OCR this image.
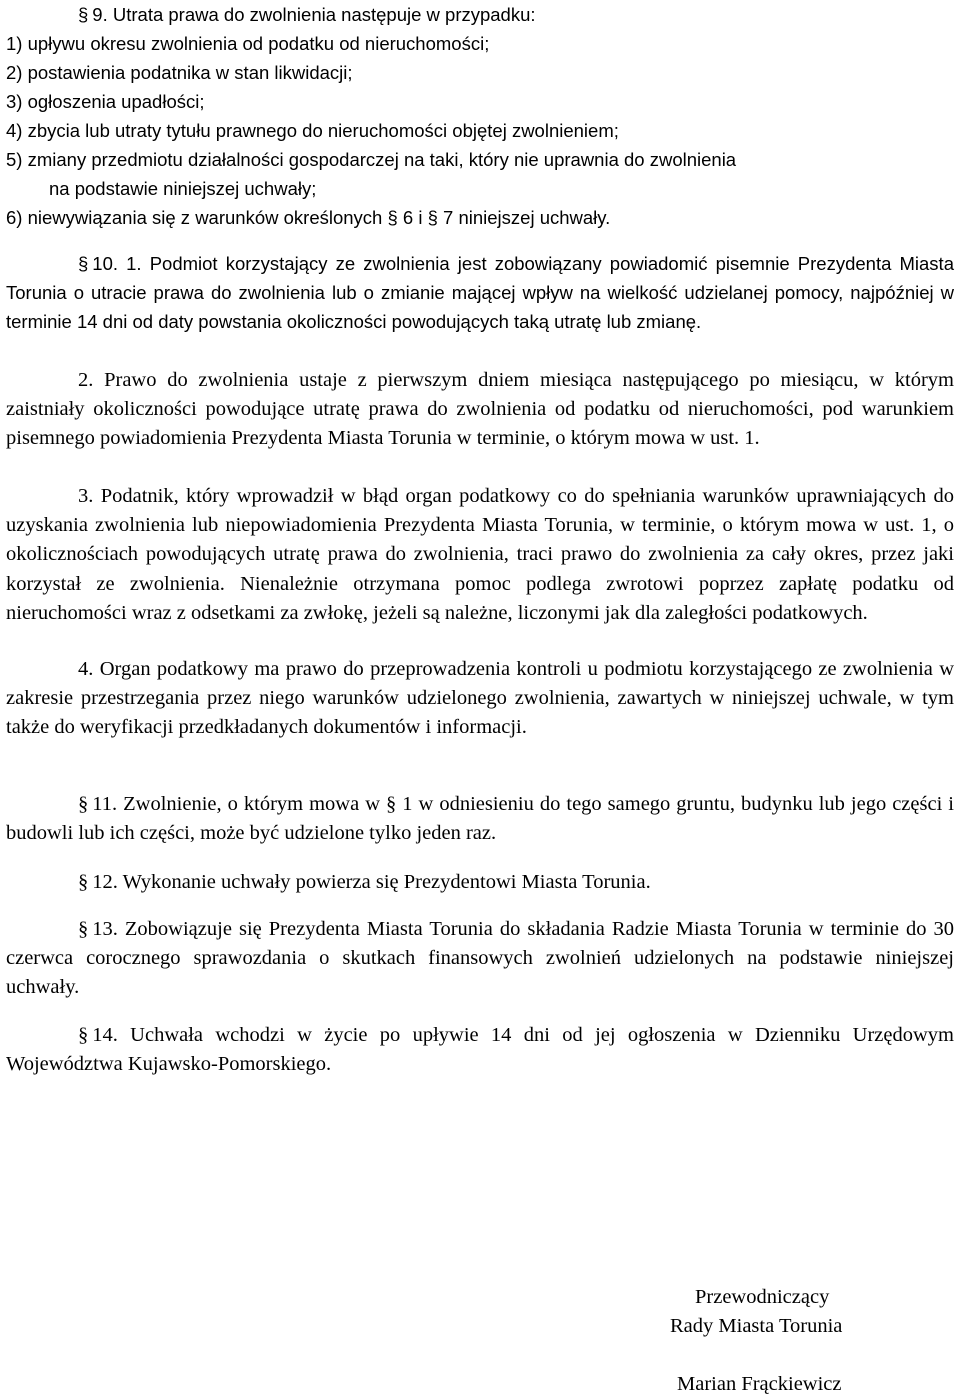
§ 9. Utrata prawa do zwolnienia następuje w przypadku:
1) upływu okresu zwolnienia od podatku od nieruchomości;
2) postawienia podatnika w stan likwidacji;
3) ogłoszenia upadłości;
4) zbycia lub utraty tytułu prawnego do nieruchomości objętej zwolnieniem;
5) zmiany przedmiotu działalności gospodarczej na taki, który nie uprawnia do zwolnienia
na podstawie niniejszej uchwały;
6) niewywiązania się z warunków określonych § 6 i § 7 niniejszej uchwały.
§ 10. 1. Podmiot korzystający ze zwolnienia jest zobowiązany powiadomić pisemnie Prezydenta Miasta Torunia o utracie prawa do zwolnienia lub o zmianie mającej wpływ na wielkość udzielanej pomocy, najpóźniej w terminie 14 dni od daty powstania okoliczności powodujących taką utratę lub zmianę.
2. Prawo do zwolnienia ustaje z pierwszym dniem miesiąca następującego po miesiącu, w którym zaistniały okoliczności powodujące utratę prawa do zwolnienia od podatku od nieruchomości, pod warunkiem pisemnego powiadomienia Prezydenta Miasta Torunia w terminie, o którym mowa w ust. 1.
3. Podatnik, który wprowadził w błąd organ podatkowy co do spełniania warunków uprawniających do uzyskania zwolnienia lub niepowiadomienia Prezydenta Miasta Torunia, w terminie, o którym mowa w ust. 1, o okolicznościach powodujących utratę prawa do zwolnienia, traci prawo do zwolnienia za cały okres, przez jaki korzystał ze zwolnienia. Nienależnie otrzymana pomoc podlega zwrotowi poprzez zapłatę podatku od nieruchomości wraz z odsetkami za zwłokę, jeżeli są należne, liczonymi jak dla zaległości podatkowych.
4. Organ podatkowy ma prawo do przeprowadzenia kontroli u podmiotu korzystającego ze zwolnienia w zakresie przestrzegania przez niego warunków udzielonego zwolnienia, zawartych w niniejszej uchwale, w tym także do weryfikacji przedkładanych dokumentów i informacji.
§ 11. Zwolnienie, o którym mowa w § 1 w odniesieniu do tego samego gruntu, budynku lub jego części i budowli lub ich części, może być udzielone tylko jeden raz.
§ 12. Wykonanie uchwały powierza się Prezydentowi Miasta Torunia.
§ 13. Zobowiązuje się Prezydenta Miasta Torunia do składania Radzie Miasta Torunia w terminie do 30 czerwca corocznego sprawozdania o skutkach finansowych zwolnień udzielonych na podstawie niniejszej uchwały.
§ 14. Uchwała wchodzi w życie po upływie 14 dni od jej ogłoszenia w Dzienniku Urzędowym Województwa Kujawsko-Pomorskiego.
Przewodniczący
Rady Miasta Torunia
Marian Frąckiewicz
